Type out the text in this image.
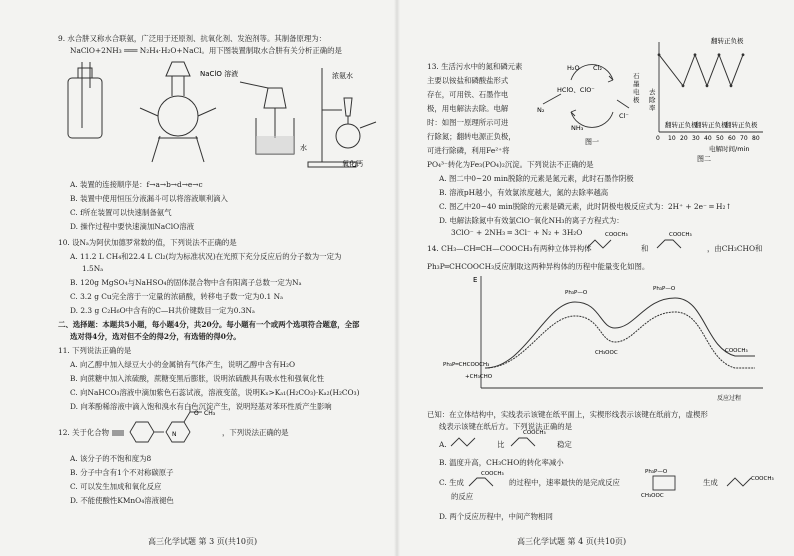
9. 水合肼又称水合联氨，广泛用于还原剂、抗氧化剂、发泡剂等。其制备原理为：
NaClO+2NH₃ ═══ N₂H₄·H₂O+NaCl。用下图装置制取水合肼有关分析正确的是
NaClO 溶液	浓氨水
水
氧化钙
A. 装置的连接顺序是：f→a→b→d→e→c
B. 装置中使用恒压分液漏斗可以将溶液顺利滴入
C. f所在装置可以快速制备氨气
D. 操作过程中要快速滴加NaClO溶液
10. 设Nₐ为阿伏加德罗常数的值，下列说法不正确的是
A. 11.2 L CH₄和22.4 L Cl₂(均为标准状况)在光照下充分反应后的分子数为一定为
1.5Nₐ
B. 120g MgSO₄与NaHSO₄的固体混合物中含有阳离子总数一定为Nₐ
C. 3.2 g Cu完全溶于一定量的浓硝酸，转移电子数一定为0.1 Nₐ
D. 2.3 g C₂H₆O中含有的C—H共价键数目一定为0.3Nₐ
二、选择题：本题共5小题，每小题4分，共20分。每小题有一个或两个选项符合题意，全部
选对得4分，选对但不全的得2分，有选错的得0分。
11. 下列说法正确的是
A. 向乙醇中加入绿豆大小的金属钠有气体产生，说明乙醇中含有H₂O
B. 向蔗糖中加入浓硫酸，蔗糖变黑后膨胀，说明浓硫酸具有吸水性和强氧化性
C. 向NaHCO₃溶液中滴加紫色石蕊试液，溶液变蓝，说明Kₓ>Kₐ₁(H₂CO₃)·Kₐ₂(H₂CO₃)
D. 向苯酚稀溶液中滴入饱和溴水有白色沉淀产生，说明羟基对苯环性质产生影响
12. 关于化合物	N
O CH₃
，下列说法正确的是
A. 该分子的不饱和度为8
B. 分子中含有1个不对称碳原子
C. 可以发生加成和氧化反应
D. 不能使酸性KMnO₄溶液褪色
高三化学试题 第 3 页(共10页)
13. 生活污水中的氮和磷元素
主要以铵盐和磷酸盐形式
存在，可用铁、石墨作电
极，用电解法去除。电解
时：如图一原理所示可进
行除氮；翻转电源正负极，
可进行除磷，利用Fe²⁺将
H₂O Cl₂
HClO、ClO⁻
N₂
NH₃
Cl⁻
石
墨
电
极
图一
去
除
率
0 10 20 30 40 50 60 70 80
翻转正负极
翻转正负极
翻转正负极
翻转正负极
电解时间/min
图二
PO₄³⁻转化为Fe₃(PO₄)₂沉淀。下列说法不正确的是
A. 图二中0~20 min脱除的元素是氮元素，此时石墨作阴极
B. 溶液pH越小，有效氯浓度越大，氮的去除率越高
C. 图乙中20~40 min脱除的元素是磷元素，此时阴极电极反应式为：2H⁺ + 2e⁻ ═ H₂↑
D. 电解法除氮中有效氯ClO⁻氧化NH₃的离子方程式为：
3ClO⁻ + 2NH₃ ═ 3Cl⁻ + N₂ + 3H₂O
14. CH₃—CH═CH—COOCH₃有两种立体异构体
COOCH₃
和
COOCH₃
，由CH₃CHO和
Ph₃P═CHCOOCH₃反应制取这两种异构体的历程中能量变化如图。
E
反应过程
Ph₃P═CHCOOCH₃
+CH₃CHO
Ph₃P—O
Ph₃P—O
CH₃OOC	COOCH₃
已知：在立体结构中，实线表示该键在纸平面上，实楔形线表示该键在纸前方，虚楔形
线表示该键在纸后方。下列说法正确的是
A.	比
COOCH₃
稳定
B. 温度升高，CH₃CHO的转化率减小
C. 生成
COOCH₃
的过程中，速率最快的是完成反应
Ph₃P—O
CH₃OOC
生成	COOCH₃
的反应
D. 两个反应历程中，中间产物相同
高三化学试题 第 4 页(共10页)
